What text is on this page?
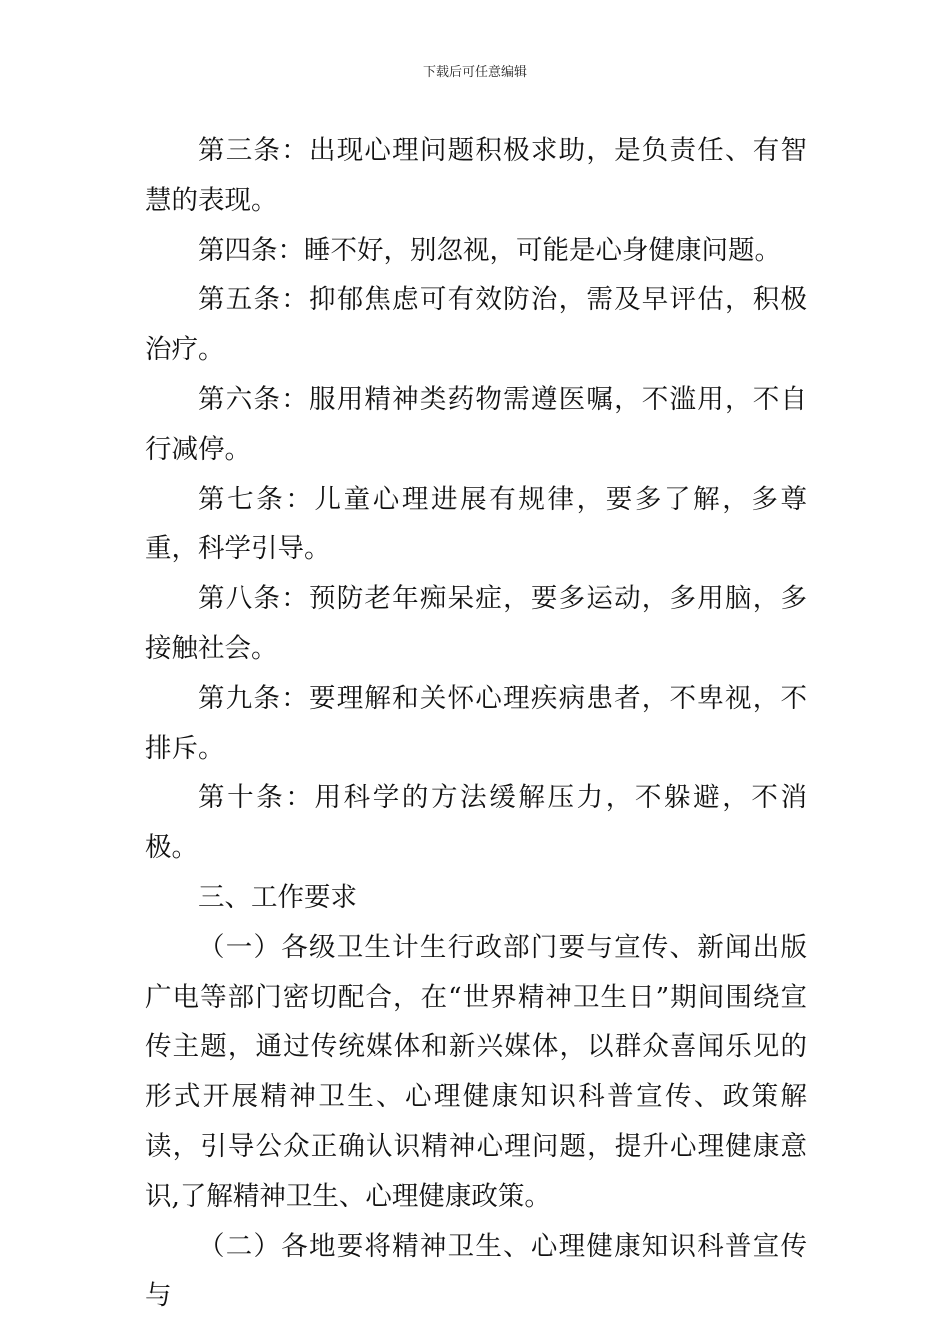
下载后可任意编辑

第三条：出现心理问题积极求助，是负责任、有智慧的表现。

第四条：睡不好，别忽视，可能是心身健康问题。

第五条：抑郁焦虑可有效防治，需及早评估，积极治疗。

第六条：服用精神类药物需遵医嘱，不滥用，不自行减停。

第七条：儿童心理进展有规律，要多了解，多尊重，科学引导。

第八条：预防老年痴呆症，要多运动，多用脑，多接触社会。

第九条：要理解和关怀心理疾病患者，不卑视，不排斥。

第十条：用科学的方法缓解压力，不躲避，不消极。

三、工作要求

（一）各级卫生计生行政部门要与宣传、新闻出版广电等部门密切配合，在“世界精神卫生日”期间围绕宣传主题，通过传统媒体和新兴媒体，以群众喜闻乐见的形式开展精神卫生、心理健康知识科普宣传、政策解读，引导公众正确认识精神心理问题，提升心理健康意识,了解精神卫生、心理健康政策。

（二）各地要将精神卫生、心理健康知识科普宣传与
